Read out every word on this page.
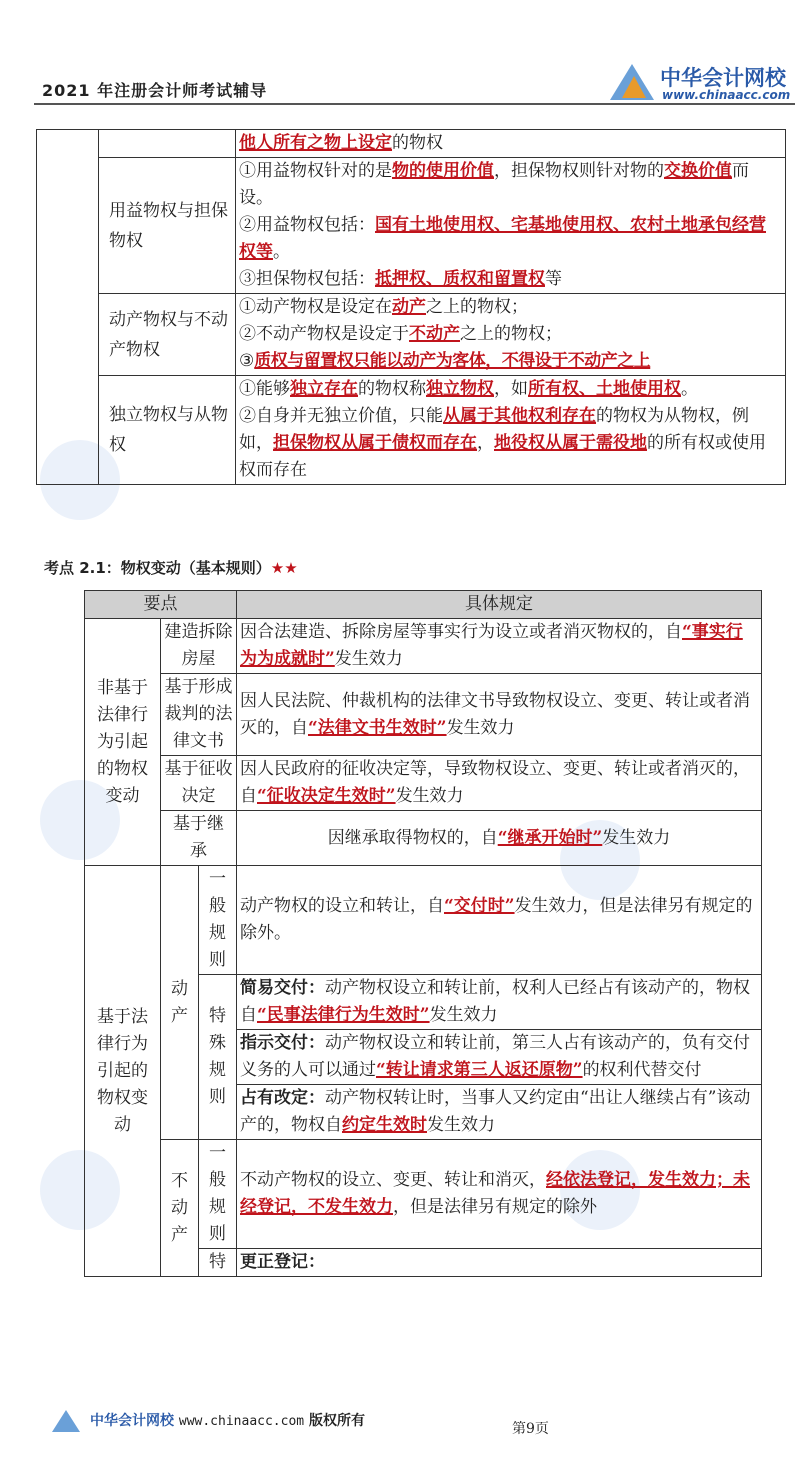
2021 年注册会计师考试辅导
中华会计网校
www.chinaacc.com
		他人所有之物上设定的物权
	用益物权与担保物权	①用益物权针对的是物的使用价值，担保物权则针对物的交换价值而设。
②用益物权包括：国有土地使用权、宅基地使用权、农村土地承包经营权等。
③担保物权包括：抵押权、质权和留置权等
	动产物权与不动产物权	①动产物权是设定在动产之上的物权；
②不动产物权是设定于不动产之上的物权；
③质权与留置权只能以动产为客体，不得设于不动产之上
	独立物权与从物权	①能够独立存在的物权称独立物权，如所有权、土地使用权。
②自身并无独立价值，只能从属于其他权利存在的物权为从物权，例如，担保物权从属于债权而存在，地役权从属于需役地的所有权或使用权而存在
考点 2.1：物权变动（基本规则）★★
要点			具体规定
非基于法律行为引起的物权变动	建造拆除房屋		因合法建造、拆除房屋等事实行为设立或者消灭物权的，自“事实行为为成就时”发生效力
	基于形成裁判的法律文书		因人民法院、仲裁机构的法律文书导致物权设立、变更、转让或者消灭的，自“法律文书生效时”发生效力
	基于征收决定		因人民政府的征收决定等，导致物权设立、变更、转让或者消灭的，自“征收决定生效时”发生效力
	基于继承		因继承取得物权的，自“继承开始时”发生效力
基于法律行为引起的物权变动	动产	一般规则	动产物权的设立和转让，自“交付时”发生效力，但是法律另有规定的除外。
		特殊规则	简易交付：动产物权设立和转让前，权利人已经占有该动产的，物权自“民事法律行为生效时”发生效力
			指示交付：动产物权设立和转让前，第三人占有该动产的，负有交付义务的人可以通过“转让请求第三人返还原物”的权利代替交付
			占有改定：动产物权转让时，当事人又约定由“出让人继续占有”该动产的，物权自约定生效时发生效力
	不动产	一般规则	不动产物权的设立、变更、转让和消灭，经依法登记，发生效力；未经登记，不发生效力，但是法律另有规定的除外
		特	更正登记：
中华会计网校 www.chinaacc.com 版权所有	第9页
